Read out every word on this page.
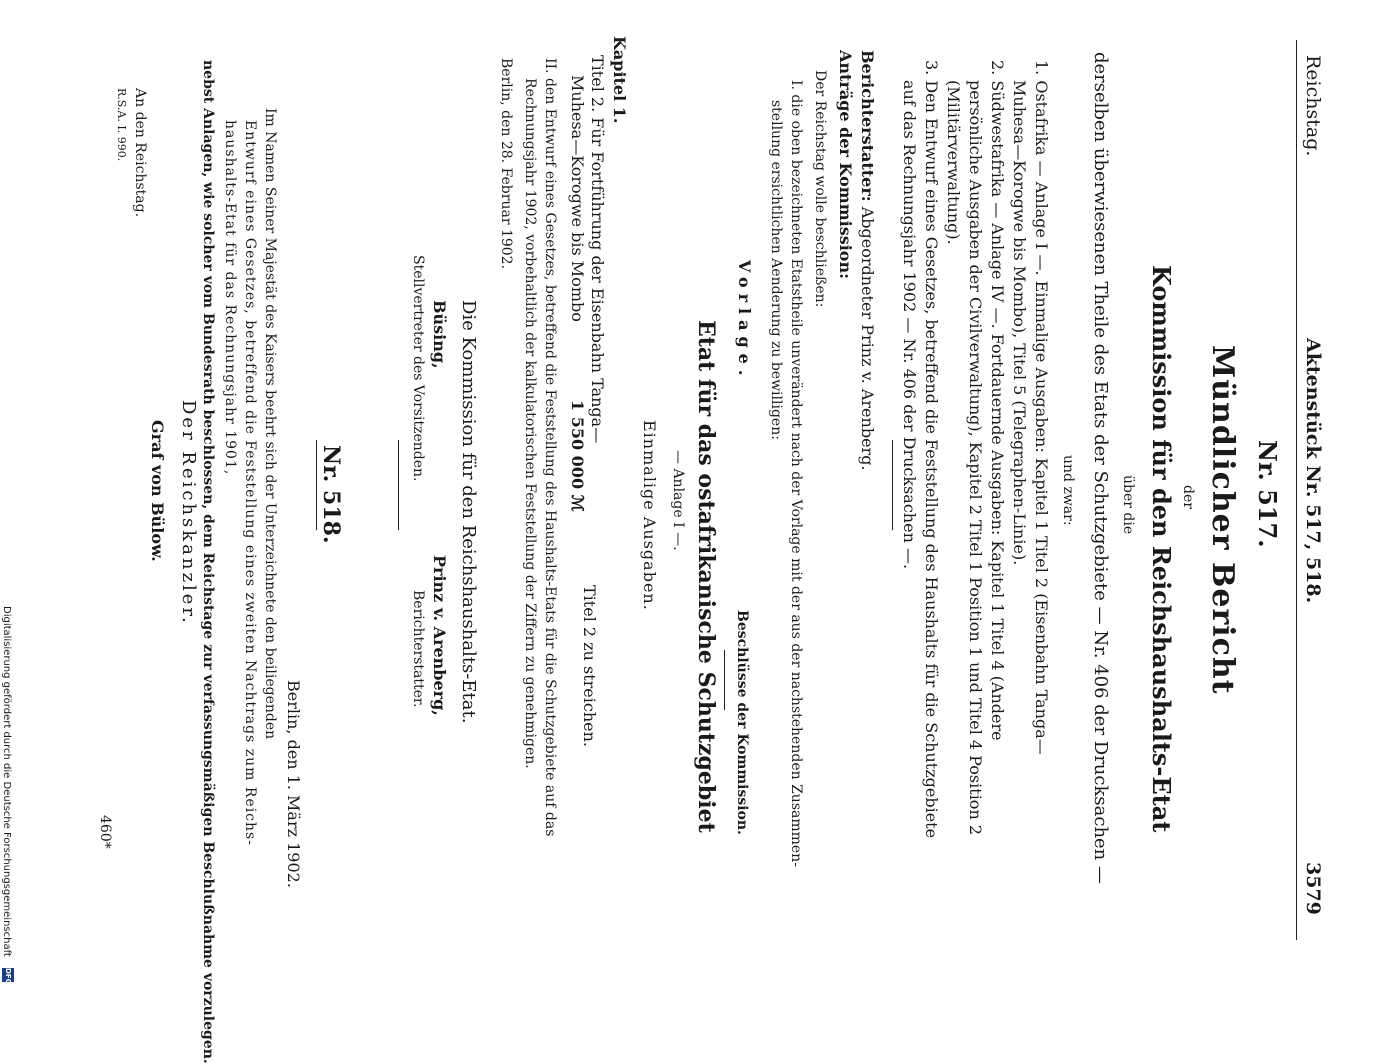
Reichstag.
Aktenstück Nr. 517, 518.
3579
Nr. 517.
Mündlicher Bericht
der
Kommission für den Reichshaushalts-Etat
über die
derselben überwiesenen Theile des Etats der Schutzgebiete — Nr. 406 der Drucksachen —
und zwar:
1. Ostafrika — Anlage I —. Einmalige Ausgaben: Kapitel 1 Titel 2 (Eisenbahn Tanga—
Muhesa—Korogwe bis Mombo), Titel 5 (Telegraphen-Linie).
2. Südwestafrika — Anlage IV —. Fortdauernde Ausgaben: Kapitel 1 Titel 4 (Andere
persönliche Ausgaben der Civilverwaltung), Kapitel 2 Titel 1 Position 1 und Titel 4 Position 2
(Militärverwaltung).
3. Den Entwurf eines Gesetzes, betreffend die Feststellung des Haushalts für die Schutzgebiete
auf das Rechnungsjahr 1902 — Nr. 406 der Drucksachen —.
Berichterstatter: Abgeordneter Prinz v. Arenberg.
Anträge der Kommission:
Der Reichstag wolle beschließen:
I. die oben bezeichneten Etatstheile unverändert nach der Vorlage mit der aus der nachstehenden Zusammen-
stellung ersichtlichen Aenderung zu bewilligen:
Vorlage.
Beschlüsse der Kommission.
Etat für das ostafrikanische Schutzgebiet
— Anlage I —.
Einmalige Ausgaben.
Kapitel 1.
Titel 2. Für Fortführung der Eisenbahn Tanga—
Muhesa—Korogwe bis Mombo
1 550 000 ℳ
Titel 2 zu streichen.
II. den Entwurf eines Gesetzes, betreffend die Feststellung des Haushalts-Etats für die Schutzgebiete auf das
Rechnungsjahr 1902, vorbehaltlich der kalkulatorischen Feststellung der Ziffern zu genehmigen.
Berlin, den 28. Februar 1902.
Die Kommission für den Reichshaushalts-Etat.
Büsing,
Stellvertreter des Vorsitzenden.
Prinz v. Arenberg,
Berichterstatter.
Nr. 518.
Berlin, den 1. März 1902.
Im Namen Seiner Majestät des Kaisers beehrt sich der Unterzeichnete den beiliegenden
Entwurf eines Gesetzes, betreffend die Feststellung eines zweiten Nachtrags zum Reichs-
haushalts-Etat für das Rechnungsjahr 1901,
nebst Anlagen, wie solcher vom Bundesrath beschlossen, dem Reichstage zur verfassungsmäßigen Beschlußnahme vorzulegen.
Der Reichskanzler.
Graf von Bülow.
An den Reichstag.
R.S.A. I. 990.
460*
Digitalisierung gefördert durch die Deutsche Forschungsgemeinschaft
DFG
